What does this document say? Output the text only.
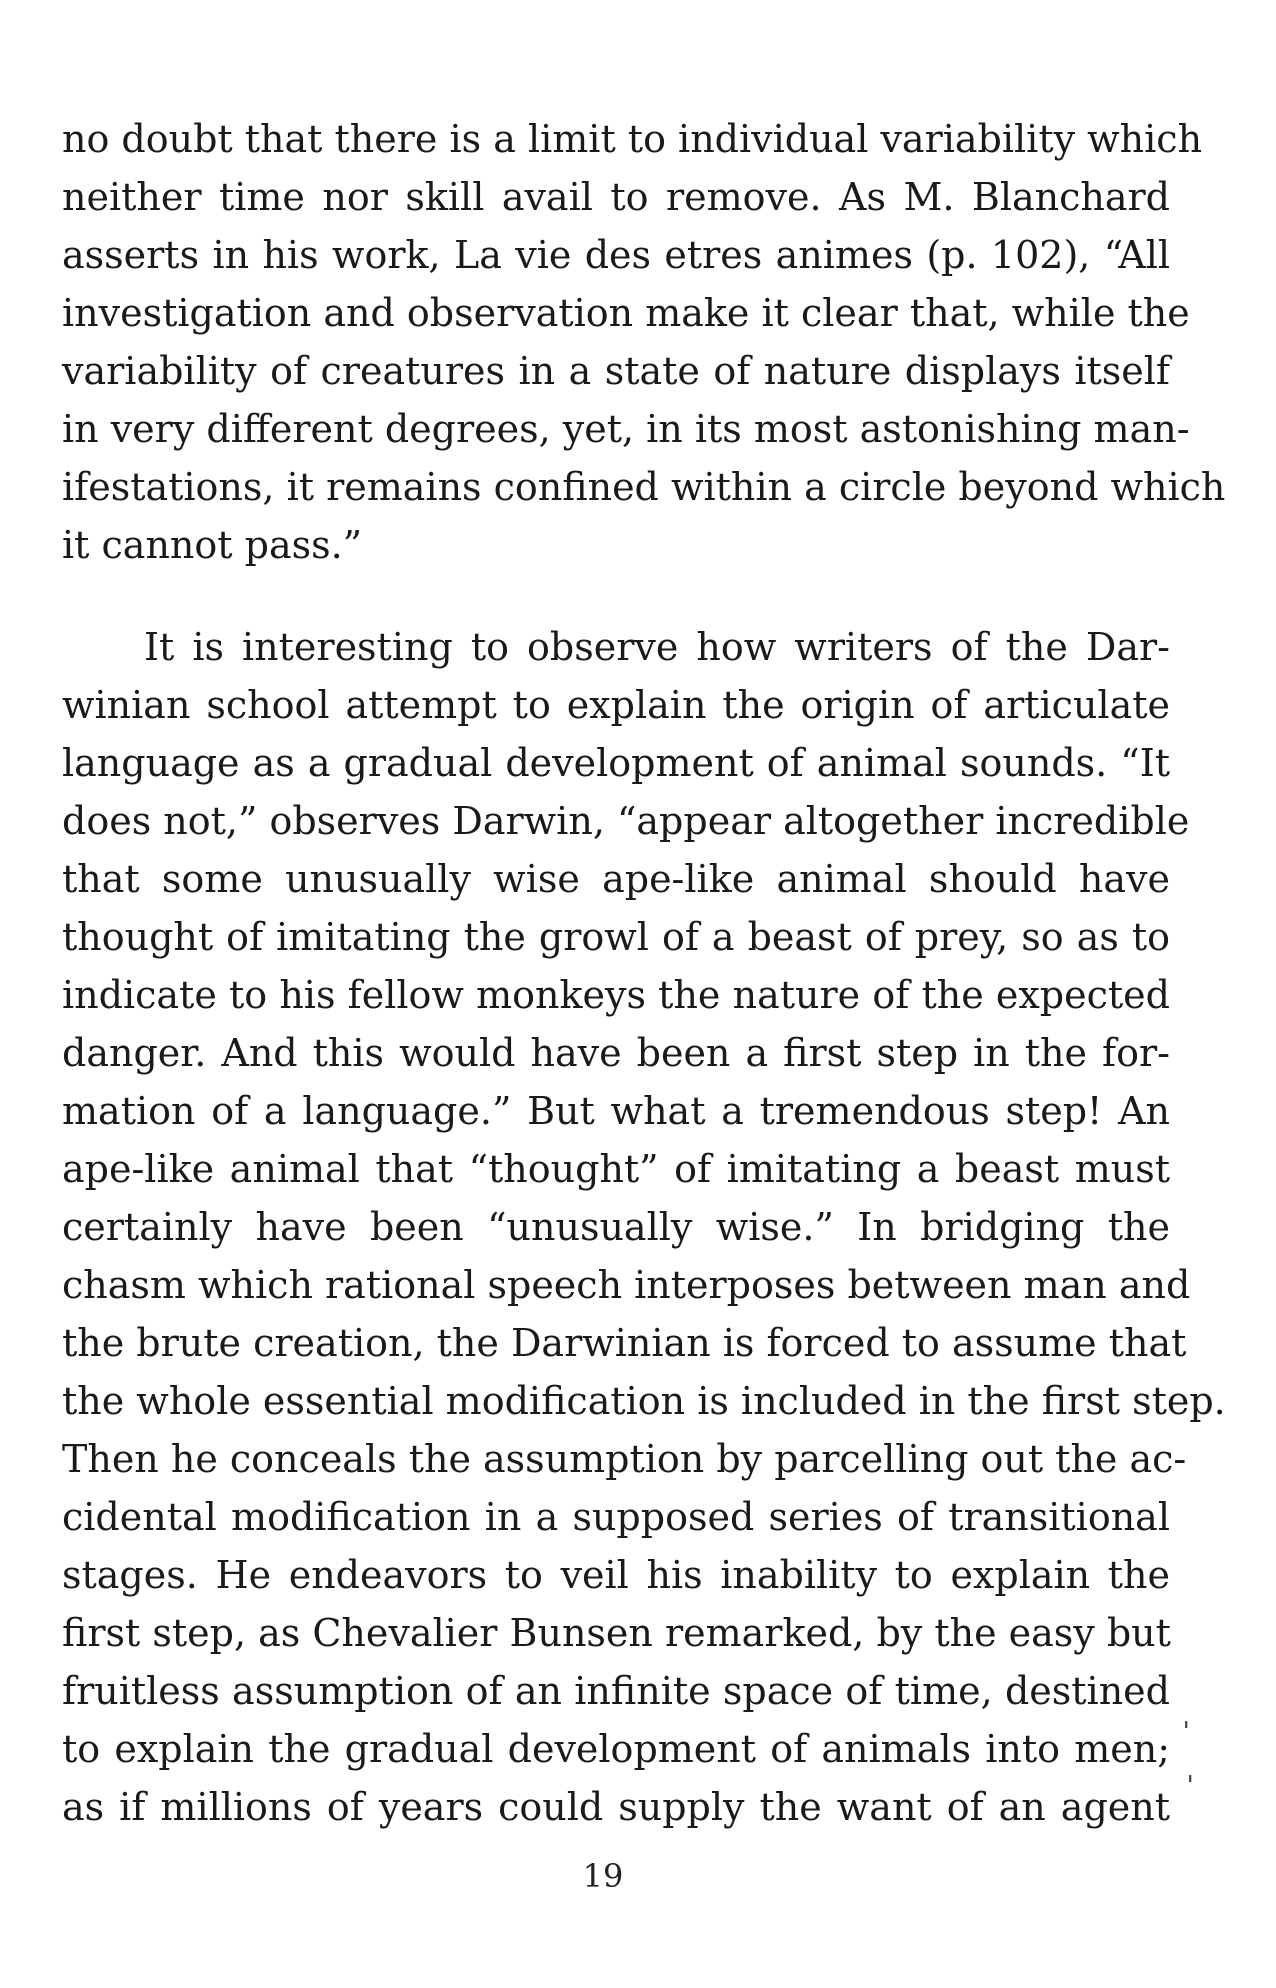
no doubt that there is a limit to individual variability which
neither time nor skill avail to remove. As M. Blanchard
asserts in his work, La vie des etres animes (p. 102), “All
investigation and observation make it clear that, while the
variability of creatures in a state of nature displays itself
in very different degrees, yet, in its most astonishing man-
ifestations, it remains confined within a circle beyond which
it cannot pass.”
It is interesting to observe how writers of the Dar-
winian school attempt to explain the origin of articulate
language as a gradual development of animal sounds. “It
does not,” observes Darwin, “appear altogether incredible
that some unusually wise ape-like animal should have
thought of imitating the growl of a beast of prey, so as to
indicate to his fellow monkeys the nature of the expected
danger. And this would have been a first step in the for-
mation of a language.” But what a tremendous step! An
ape-like animal that “thought” of imitating a beast must
certainly have been “unusually wise.” In bridging the
chasm which rational speech interposes between man and
the brute creation, the Darwinian is forced to assume that
the whole essential modification is included in the first step.
Then he conceals the assumption by parcelling out the ac-
cidental modification in a supposed series of transitional
stages. He endeavors to veil his inability to explain the
first step, as Chevalier Bunsen remarked, by the easy but
fruitless assumption of an infinite space of time, destined
to explain the gradual development of animals into men;
as if millions of years could supply the want of an agent
ˈ
ˈ
19
